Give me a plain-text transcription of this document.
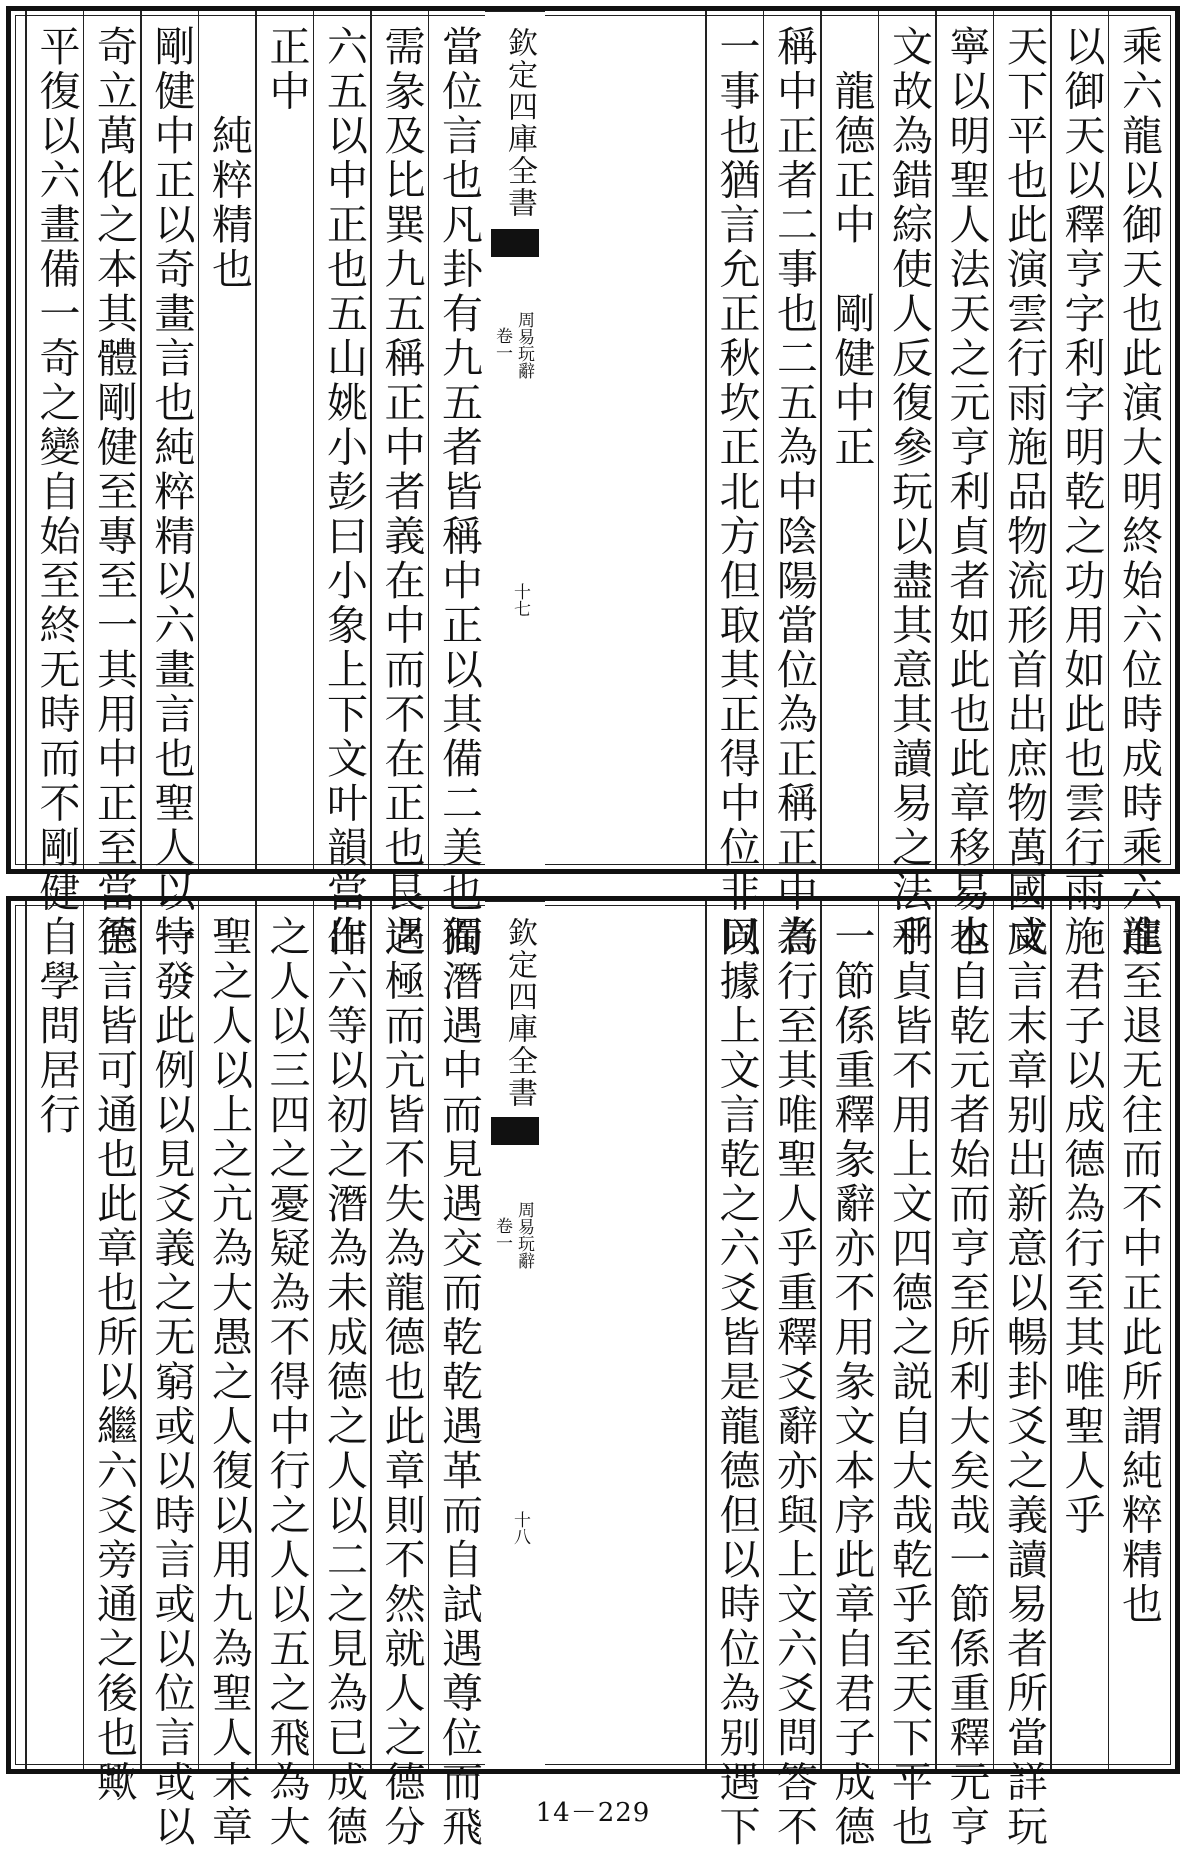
欽定四庫全書
周易玩辭
卷一
十七	乘六龍以御天也此演大明終始六位時成時乘六龍
以御天以釋亨字利字明乾之功用如此也雲行雨施
天下平也此演雲行雨施品物流形首出庶物萬國咸
寧以明聖人法天之元亨利貞者如此也此章移易本
文故為錯綜使人反復參玩以盡其意其讀易之法乎
　龍德正中　剛健中正
稱中正者二事也二五為中陰陽當位為正稱正中者
一事也猶言允正秋坎正北方但取其正得中位非以
當位言也凡卦有九五者皆稱中正以其備二美也獨
需彖及比巽九五稱正中者義在中而不在正也艮之
六五以中正也五山姚小彭曰小象上下文叶韻當作
正中
　　純粹精也
剛健中正以奇畫言也純粹精以六畫言也聖人以一
奇立萬化之本其體剛健至專至一其用中正至當至
平復以六畫備一奇之變自始至終无時而不剛健自
欽定四庫全書
周易玩辭
卷一
十八	進至退无往而不中正此所謂純粹精也
　君子以成德為行至其唯聖人乎
文言末章别出新意以暢卦爻之義讀易者所當詳玩
也自乾元者始而亨至所利大矣哉一節係重釋元亨
利貞皆不用上文四德之説自大哉乾乎至天下平也
一節係重釋彖辭亦不用彖文本序此章自君子成德
為行至其唯聖人乎重釋爻辭亦與上文六爻問答不
同據上文言乾之六爻皆是龍德但以時位為别遇下
而潛遇中而見遇交而乾乾遇革而自試遇尊位而飛
遇極而亢皆不失為龍德也此章則不然就人之德分
出六等以初之潛為未成德之人以二之見為已成德
之人以三四之憂疑為不得中行之人以五之飛為大
聖之人以上之亢為大愚之人復以用九為聖人末章
特發此例以見爻義之无窮或以時言或以位言或以
德言皆可通也此章也所以繼六爻旁通之後也歟
　學問居行
14－229
